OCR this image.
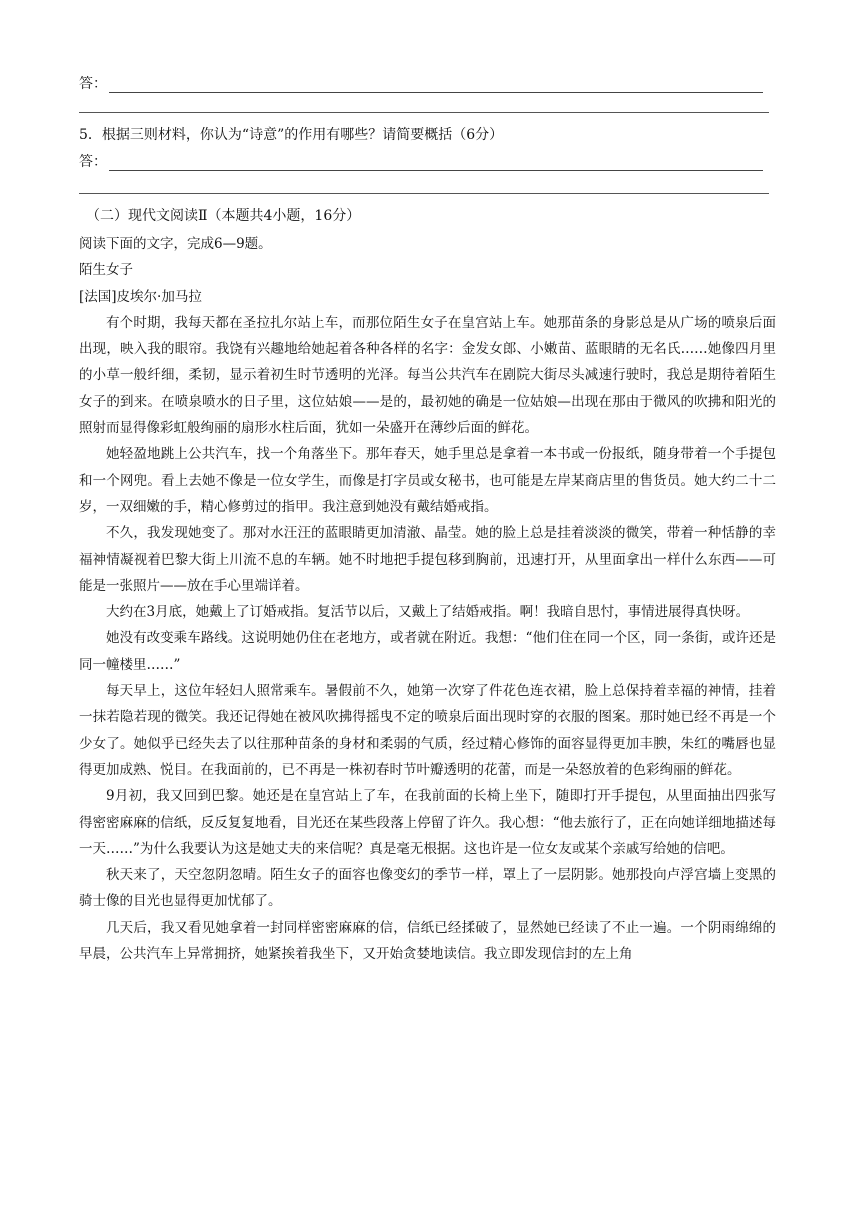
答：
5．根据三则材料，你认为“诗意”的作用有哪些？请简要概括（6分）
答：
（二）现代文阅读Ⅱ（本题共4小题，16分）

阅读下面的文字，完成6—9题。

陌生女子

[法国]皮埃尔·加马拉

有个时期，我每天都在圣拉扎尔站上车，而那位陌生女子在皇宫站上车。她那苗条的身影总是从广场的喷泉后面出现，映入我的眼帘。我饶有兴趣地给她起着各种各样的名字：金发女郎、小嫩苗、蓝眼睛的无名氏……她像四月里的小草一般纤细，柔韧，显示着初生时节透明的光泽。每当公共汽车在剧院大街尽头减速行驶时，我总是期待着陌生女子的到来。在喷泉喷水的日子里，这位姑娘——是的，最初她的确是一位姑娘—出现在那由于微风的吹拂和阳光的照射而显得像彩虹般绚丽的扇形水柱后面，犹如一朵盛开在薄纱后面的鲜花。

她轻盈地跳上公共汽车，找一个角落坐下。那年春天，她手里总是拿着一本书或一份报纸，随身带着一个手提包和一个网兜。看上去她不像是一位女学生，而像是打字员或女秘书，也可能是左岸某商店里的售货员。她大约二十二岁，一双细嫩的手，精心修剪过的指甲。我注意到她没有戴结婚戒指。

不久，我发现她变了。那对水汪汪的蓝眼睛更加清澈、晶莹。她的脸上总是挂着淡淡的微笑，带着一种恬静的幸福神情凝视着巴黎大街上川流不息的车辆。她不时地把手提包移到胸前，迅速打开，从里面拿出一样什么东西——可能是一张照片——放在手心里端详着。

大约在3月底，她戴上了订婚戒指。复活节以后，又戴上了结婚戒指。啊！我暗自思忖，事情进展得真快呀。

她没有改变乘车路线。这说明她仍住在老地方，或者就在附近。我想：“他们住在同一个区，同一条街，或许还是同一幢楼里……”

每天早上，这位年轻妇人照常乘车。暑假前不久，她第一次穿了件花色连衣裙，脸上总保持着幸福的神情，挂着一抹若隐若现的微笑。我还记得她在被风吹拂得摇曳不定的喷泉后面出现时穿的衣服的图案。那时她已经不再是一个少女了。她似乎已经失去了以往那种苗条的身材和柔弱的气质，经过精心修饰的面容显得更加丰腴，朱红的嘴唇也显得更加成熟、悦目。在我面前的，已不再是一株初春时节叶瓣透明的花蕾，而是一朵怒放着的色彩绚丽的鲜花。

9月初，我又回到巴黎。她还是在皇宫站上了车，在我前面的长椅上坐下，随即打开手提包，从里面抽出四张写得密密麻麻的信纸，反反复复地看，目光还在某些段落上停留了许久。我心想：“他去旅行了，正在向她详细地描述每一天……”为什么我要认为这是她丈夫的来信呢？真是毫无根据。这也许是一位女友或某个亲戚写给她的信吧。

秋天来了，天空忽阴忽晴。陌生女子的面容也像变幻的季节一样，罩上了一层阴影。她那投向卢浮宫墙上变黑的骑士像的目光也显得更加忧郁了。

几天后，我又看见她拿着一封同样密密麻麻的信，信纸已经揉破了，显然她已经读了不止一遍。一个阴雨绵绵的早晨，公共汽车上异常拥挤，她紧挨着我坐下，又开始贪婪地读信。我立即发现信封的左上角
